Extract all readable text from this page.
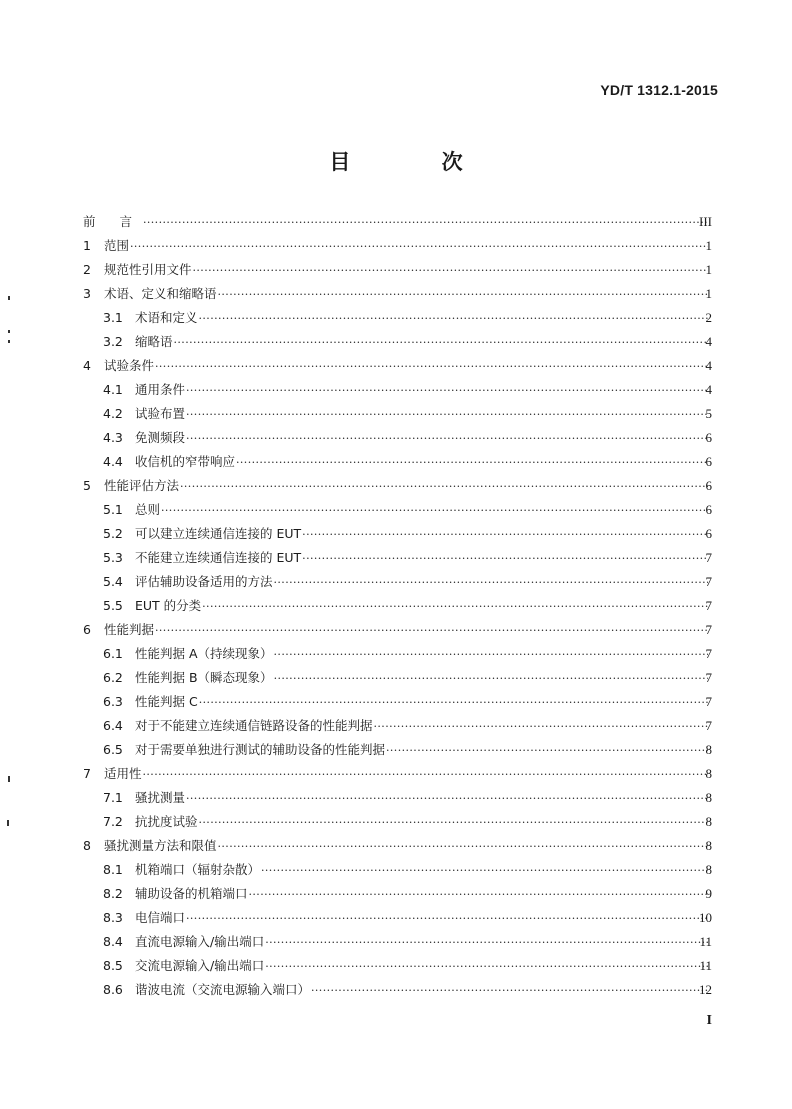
YD/T 1312.1-2015
目 次
前 言 ·····	III
1 范围 ·····	1
2 规范性引用文件 ·····	1
3 术语、定义和缩略语 ·····	1
3.1 术语和定义 ·····	2
3.2 缩略语 ·····	4
4 试验条件 ·····	4
4.1 通用条件 ·····	4
4.2 试验布置 ·····	5
4.3 免测频段 ·····	6
4.4 收信机的窄带响应 ·····	6
5 性能评估方法 ·····	6
5.1 总则 ·····	6
5.2 可以建立连续通信连接的 EUT ·····	6
5.3 不能建立连续通信连接的 EUT ·····	7
5.4 评估辅助设备适用的方法 ·····	7
5.5 EUT 的分类 ·····	7
6 性能判据 ·····	7
6.1 性能判据 A（持续现象） ·····	7
6.2 性能判据 B（瞬态现象） ·····	7
6.3 性能判据 C ·····	7
6.4 对于不能建立连续通信链路设备的性能判据 ·····	7
6.5 对于需要单独进行测试的辅助设备的性能判据 ·····	8
7 适用性 ·····	8
7.1 骚扰测量 ·····	8
7.2 抗扰度试验 ·····	8
8 骚扰测量方法和限值 ·····	8
8.1 机箱端口（辐射杂散） ·····	8
8.2 辅助设备的机箱端口 ·····	9
8.3 电信端口 ·····	10
8.4 直流电源输入/输出端口 ·····	11
8.5 交流电源输入/输出端口 ·····	11
8.6 谐波电流（交流电源输入端口） ·····	12
I
